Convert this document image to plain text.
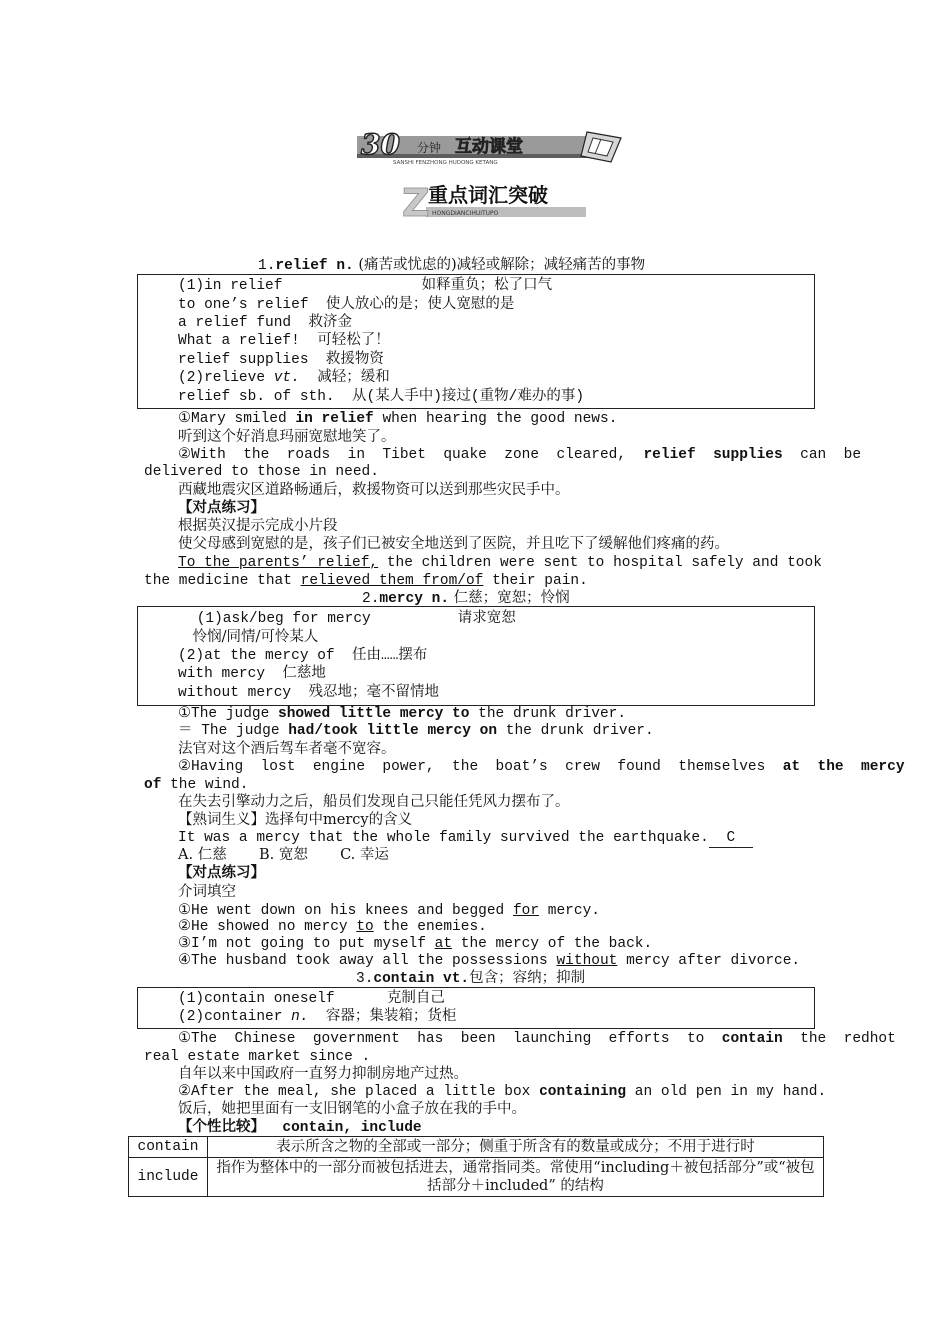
30 分钟 互动课堂
SANSHI FENZHONG HUDONG KETANG
Z
重点词汇突破
HONGDIANCIHUITUPO
1.relief n. (痛苦或忧虑的)减轻或解除；减轻痛苦的事物
(1)in relief                如释重负；松了口气
to one’s relief  使人放心的是；使人宽慰的是
a relief fund  救济金
What a relief!  可轻松了！
relief supplies  救援物资
(2)relieve vt.  减轻；缓和
relief sb. of sth.  从(某人手中)接过(重物/难办的事)
①Mary smiled in relief when hearing the good news.
听到这个好消息玛丽宽慰地笑了。
②With  the  roads  in  Tibet  quake  zone  cleared,  relief  supplies  can  be
delivered to those in need.
西藏地震灾区道路畅通后，救援物资可以送到那些灾民手中。
【对点练习】
根据英汉提示完成小片段
使父母感到宽慰的是，孩子们已被安全地送到了医院，并且吃下了缓解他们疼痛的药。
To the parents’ relief, the children were sent to hospital safely and took
the medicine that relieved them from/of their pain.
2.mercy n. 仁慈；宽恕；怜悯
(1)ask/beg for mercy          请求宽恕
怜悯/同情/可怜某人
(2)at the mercy of  任由……摆布
with mercy  仁慈地
without mercy  残忍地；毫不留情地
①The judge showed little mercy to the drunk driver.
＝ The judge had/took little mercy on the drunk driver.
法官对这个酒后驾车者毫不宽容。
②Having  lost  engine  power,  the  boat’s  crew  found  themselves  at  the  mercy
of the wind.
在失去引擎动力之后，船员们发现自己只能任凭风力摆布了。
【熟词生义】选择句中mercy的含义
It was a mercy that the whole family survived the earthquake. C
A. 仁慈       B. 宽恕       C. 幸运
【对点练习】
介词填空
①He went down on his knees and begged for mercy.
②He showed no mercy to the enemies.
③I’m not going to put myself at the mercy of the back.
④The husband took away all the possessions without mercy after divorce.
3.contain vt.包含；容纳；抑制
(1)contain oneself      克制自己
(2)container n.  容器；集装箱；货柜
①The  Chinese  government  has  been  launching  efforts  to  contain  the  redhot
real estate market since .
自年以来中国政府一直努力抑制房地产过热。
②After the meal, she placed a little box containing an old pen in my hand.
饭后，她把里面有一支旧钢笔的小盒子放在我的手中。
【个性比较】  contain, include
contain	表示所含之物的全部或一部分；侧重于所含有的数量或成分；不用于进行时
include	指作为整体中的一部分而被包括进去，通常指同类。常使用“including＋被包括部分”或“被包括部分＋included” 的结构
